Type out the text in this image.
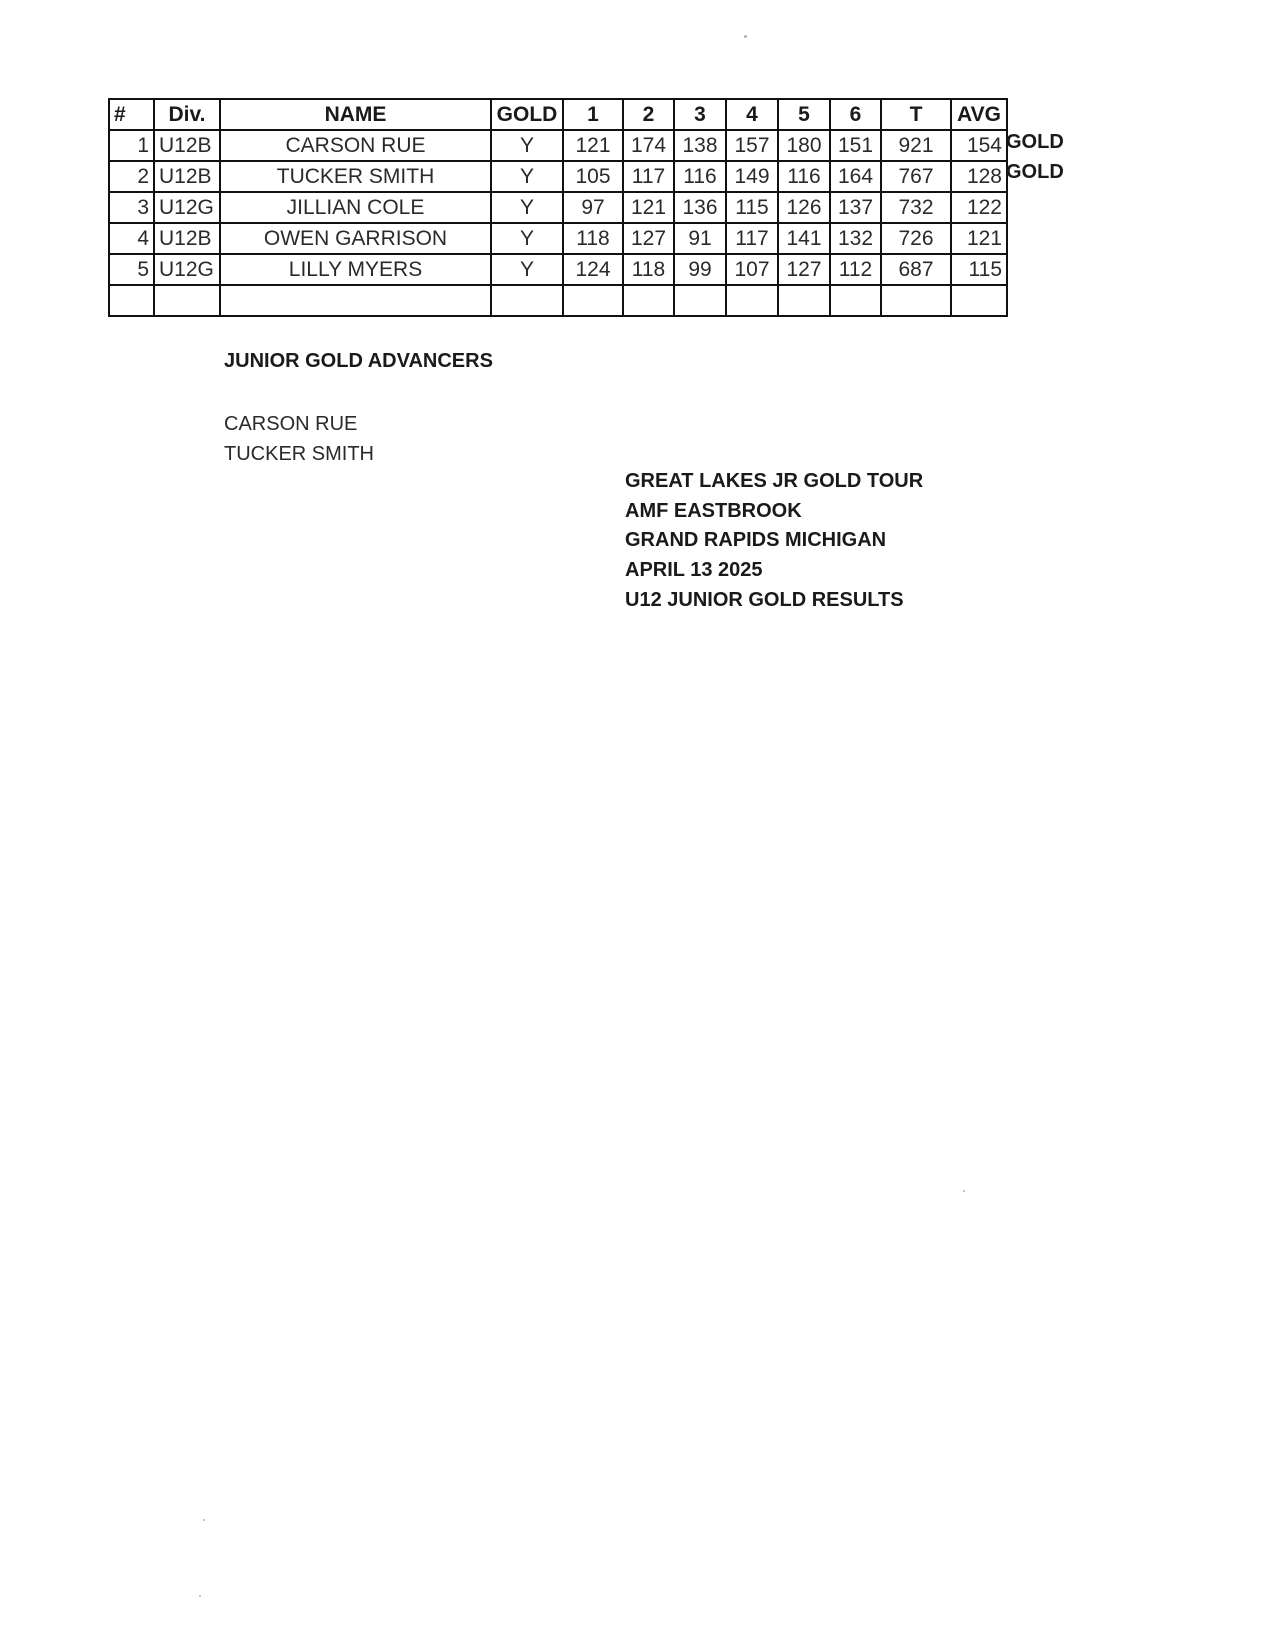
#	Div.	NAME	GOLD	1	2	3	4	5	6	T	AVG
1	U12B	CARSON RUE	Y	121	174	138	157	180	151	921	154
2	U12B	TUCKER SMITH	Y	105	117	116	149	116	164	767	128
3	U12G	JILLIAN COLE	Y	97	121	136	115	126	137	732	122
4	U12B	OWEN GARRISON	Y	118	127	91	117	141	132	726	121
5	U12G	LILLY MYERS	Y	124	118	99	107	127	112	687	115

GOLD
GOLD
JUNIOR GOLD ADVANCERS
CARSON RUE
TUCKER SMITH
GREAT LAKES JR GOLD TOUR
AMF EASTBROOK
GRAND RAPIDS MICHIGAN
APRIL 13 2025
U12 JUNIOR GOLD RESULTS
